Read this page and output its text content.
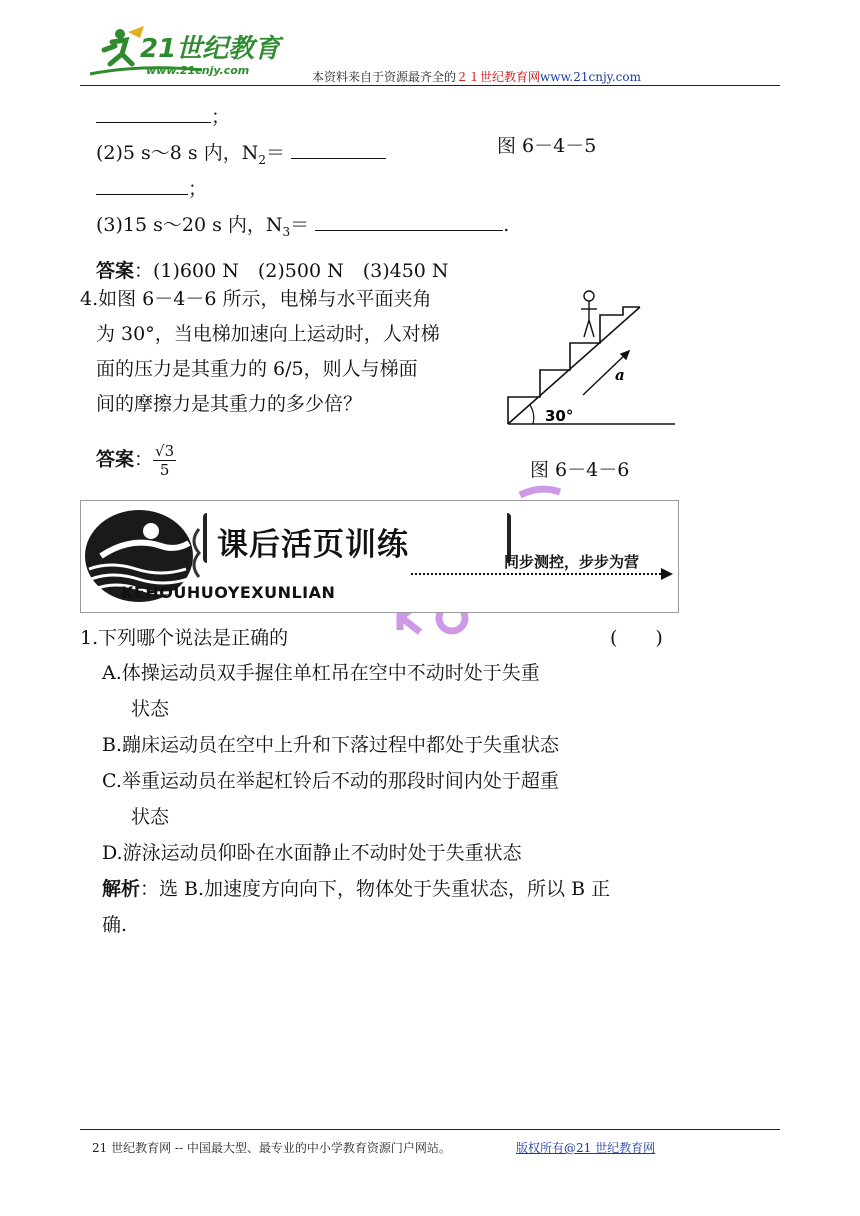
21世纪教育
www.21cnjy.com	本资料来自于资源最齐全的２１世纪教育网www.21cnjy.com
；
(2)5 s～8 s 内，$N_2=$	图 6－4－5
；
(3)15 s～20 s 内，$N_3=$	.
答案：(1)600 N　(2)500 N　(3)450 N
4.如图 6－4－6 所示，电梯与水平面夹角
为 30°，当电梯加速向上运动时，人对梯
面的压力是其重力的 6/5，则人与梯面
间的摩擦力是其重力的多少倍？
答案： $\frac{√3}{5}$
30°
a
图 6－4－6
课后活页训练
KEHOUHUOYEXUNLIAN
同步测控，步步为营
1.下列哪个说法是正确的	(　　)
A.体操运动员双手握住单杠吊在空中不动时处于失重
状态
B.蹦床运动员在空中上升和下落过程中都处于失重状态
C.举重运动员在举起杠铃后不动的那段时间内处于超重
状态
D.游泳运动员仰卧在水面静止不动时处于失重状态
解析：选 B.加速度方向向下，物体处于失重状态，所以 B 正
确.
21 世纪教育网 -- 中国最大型、最专业的中小学教育资源门户网站。	版权所有@21 世纪教育网
